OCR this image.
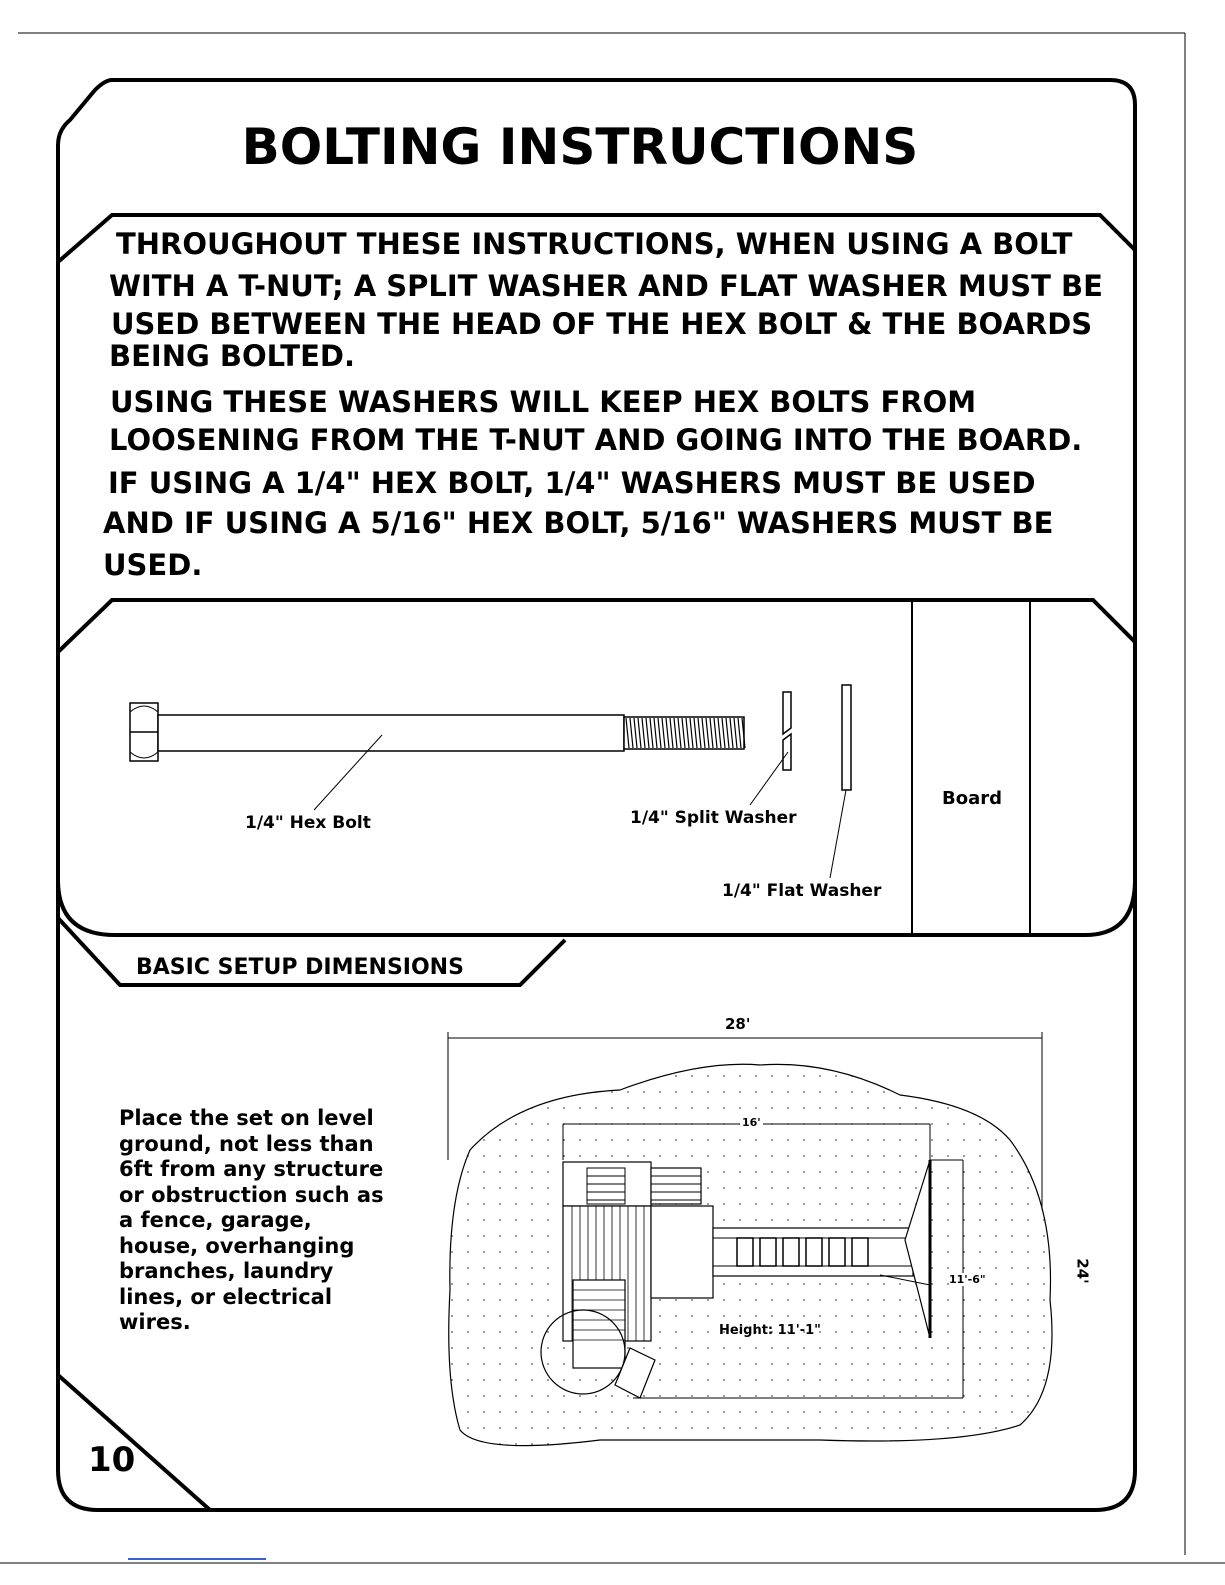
BOLTING INSTRUCTIONS
THROUGHOUT THESE INSTRUCTIONS, WHEN USING A BOLT
WITH A T-NUT; A SPLIT WASHER AND FLAT WASHER MUST BE
USED BETWEEN THE HEAD OF THE HEX BOLT & THE BOARDS
BEING BOLTED.
USING THESE WASHERS WILL KEEP HEX BOLTS FROM
LOOSENING FROM THE T-NUT AND GOING INTO THE BOARD.
IF USING A 1/4" HEX BOLT, 1/4" WASHERS MUST BE USED
AND IF USING A 5/16" HEX BOLT, 5/16" WASHERS MUST BE
USED.
1/4" Hex Bolt	1/4" Split Washer
1/4" Flat Washer
Board
BASIC SETUP DIMENSIONS
Place the set on level ground, not less than 6ft from any structure or obstruction such as a fence, garage, house, overhanging branches, laundry lines, or electrical wires.
28'
24'
16'
11'-6"
Height: 11'-1"
10
